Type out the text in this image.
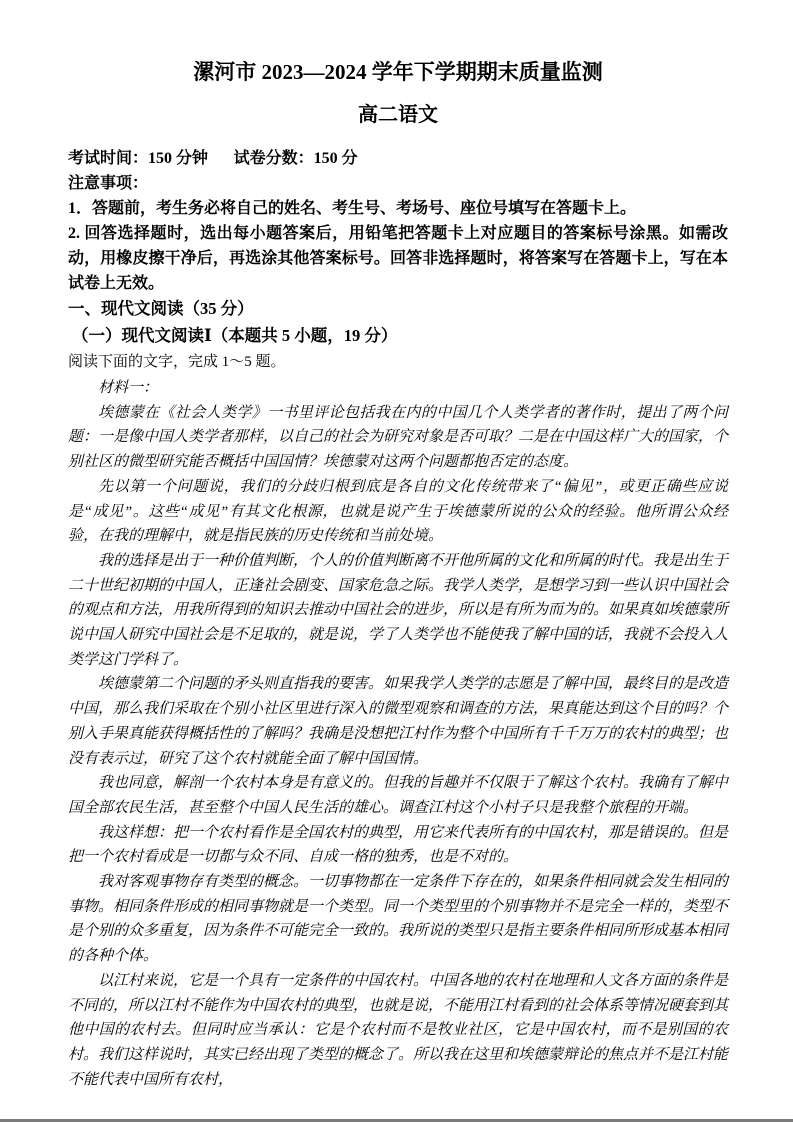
漯河市 2023—2024 学年下学期期末质量监测
高二语文

考试时间：150 分钟 试卷分数：150 分

注意事项：

1．答题前，考生务必将自己的姓名、考生号、考场号、座位号填写在答题卡上。

2. 回答选择题时，选出每小题答案后，用铅笔把答题卡上对应题目的答案标号涂黑。如需改动，用橡皮擦干净后，再选涂其他答案标号。回答非选择题时，将答案写在答题卡上，写在本试卷上无效。

一、现代文阅读（35 分）

（一）现代文阅读Ⅰ（本题共 5 小题，19 分）

阅读下面的文字，完成 1～5 题。

材料一：

埃德蒙在《社会人类学》一书里评论包括我在内的中国几个人类学者的著作时，提出了两个问题：一是像中国人类学者那样，以自己的社会为研究对象是否可取？二是在中国这样广大的国家，个别社区的微型研究能否概括中国国情？埃德蒙对这两个问题都抱否定的态度。

先以第一个问题说，我们的分歧归根到底是各自的文化传统带来了“偏见”，或更正确些应说是“成见”。这些“成见”有其文化根源，也就是说产生于埃德蒙所说的公众的经验。他所谓公众经验，在我的理解中，就是指民族的历史传统和当前处境。

我的选择是出于一种价值判断，个人的价值判断离不开他所属的文化和所属的时代。我是出生于二十世纪初期的中国人，正逢社会剧变、国家危急之际。我学人类学，是想学习到一些认识中国社会的观点和方法，用我所得到的知识去推动中国社会的进步，所以是有所为而为的。如果真如埃德蒙所说中国人研究中国社会是不足取的，就是说，学了人类学也不能使我了解中国的话，我就不会投入人类学这门学科了。

埃德蒙第二个问题的矛头则直指我的要害。如果我学人类学的志愿是了解中国，最终目的是改造中国，那么我们采取在个别小社区里进行深入的微型观察和调查的方法，果真能达到这个目的吗？个别入手果真能获得概括性的了解吗？我确是没想把江村作为整个中国所有千千万万的农村的典型；也没有表示过，研究了这个农村就能全面了解中国国情。

我也同意，解剖一个农村本身是有意义的。但我的旨趣并不仅限于了解这个农村。我确有了解中国全部农民生活，甚至整个中国人民生活的雄心。调查江村这个小村子只是我整个旅程的开端。

我这样想：把一个农村看作是全国农村的典型，用它来代表所有的中国农村，那是错误的。但是把一个农村看成是一切都与众不同、自成一格的独秀，也是不对的。

我对客观事物存有类型的概念。一切事物都在一定条件下存在的，如果条件相同就会发生相同的事物。相同条件形成的相同事物就是一个类型。同一个类型里的个别事物并不是完全一样的，类型不是个别的众多重复，因为条件不可能完全一致的。我所说的类型只是指主要条件相同所形成基本相同的各种个体。

以江村来说，它是一个具有一定条件的中国农村。中国各地的农村在地理和人文各方面的条件是不同的，所以江村不能作为中国农村的典型，也就是说，不能用江村看到的社会体系等情况硬套到其他中国的农村去。但同时应当承认：它是个农村而不是牧业社区，它是中国农村，而不是别国的农村。我们这样说时，其实已经出现了类型的概念了。所以我在这里和埃德蒙辩论的焦点并不是江村能不能代表中国所有农村，
